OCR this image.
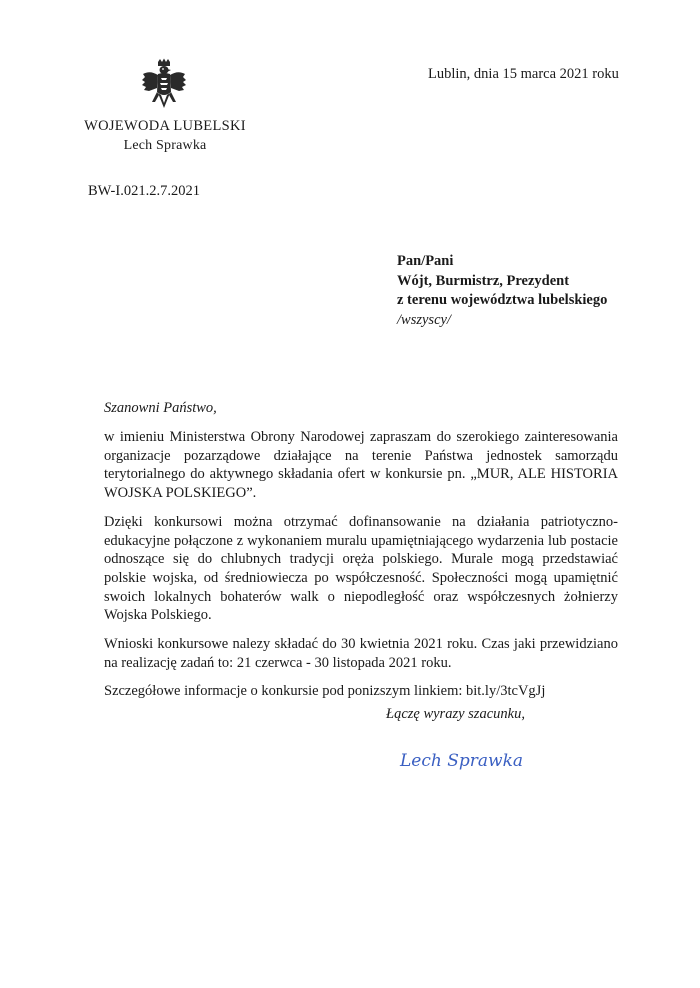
WOJEWODA LUBELSKI
Lech Sprawka
Lublin, dnia 15 marca 2021 roku
BW-I.021.2.7.2021
Pan/Pani
Wójt, Burmistrz, Prezydent
z terenu województwa lubelskiego
/wszyscy/
Szanowni Państwo,

w imieniu Ministerstwa Obrony Narodowej zapraszam do szerokiego zainteresowania organizacje pozarządowe działające na terenie Państwa jednostek samorządu terytorialnego do aktywnego składania ofert w konkursie pn. „MUR, ALE HISTORIA WOJSKA POLSKIEGO”.

Dzięki konkursowi można otrzymać dofinansowanie na działania patriotyczno-edukacyjne połączone z wykonaniem muralu upamiętniającego wydarzenia lub postacie odnoszące się do chlubnych tradycji oręża polskiego. Murale mogą przedstawiać polskie wojska, od średniowiecza po współczesność. Społeczności mogą upamiętnić swoich lokalnych bohaterów walk o niepodległość oraz współczesnych żołnierzy Wojska Polskiego.

Wnioski konkursowe nalezy składać do 30 kwietnia 2021 roku. Czas jaki przewidziano na realizację zadań to: 21 czerwca - 30 listopada 2021 roku.

Szczegółowe informacje o konkursie pod ponizszym linkiem: bit.ly/3tcVgJj

Łączę wyrazy szacunku,
Lech Sprawka
